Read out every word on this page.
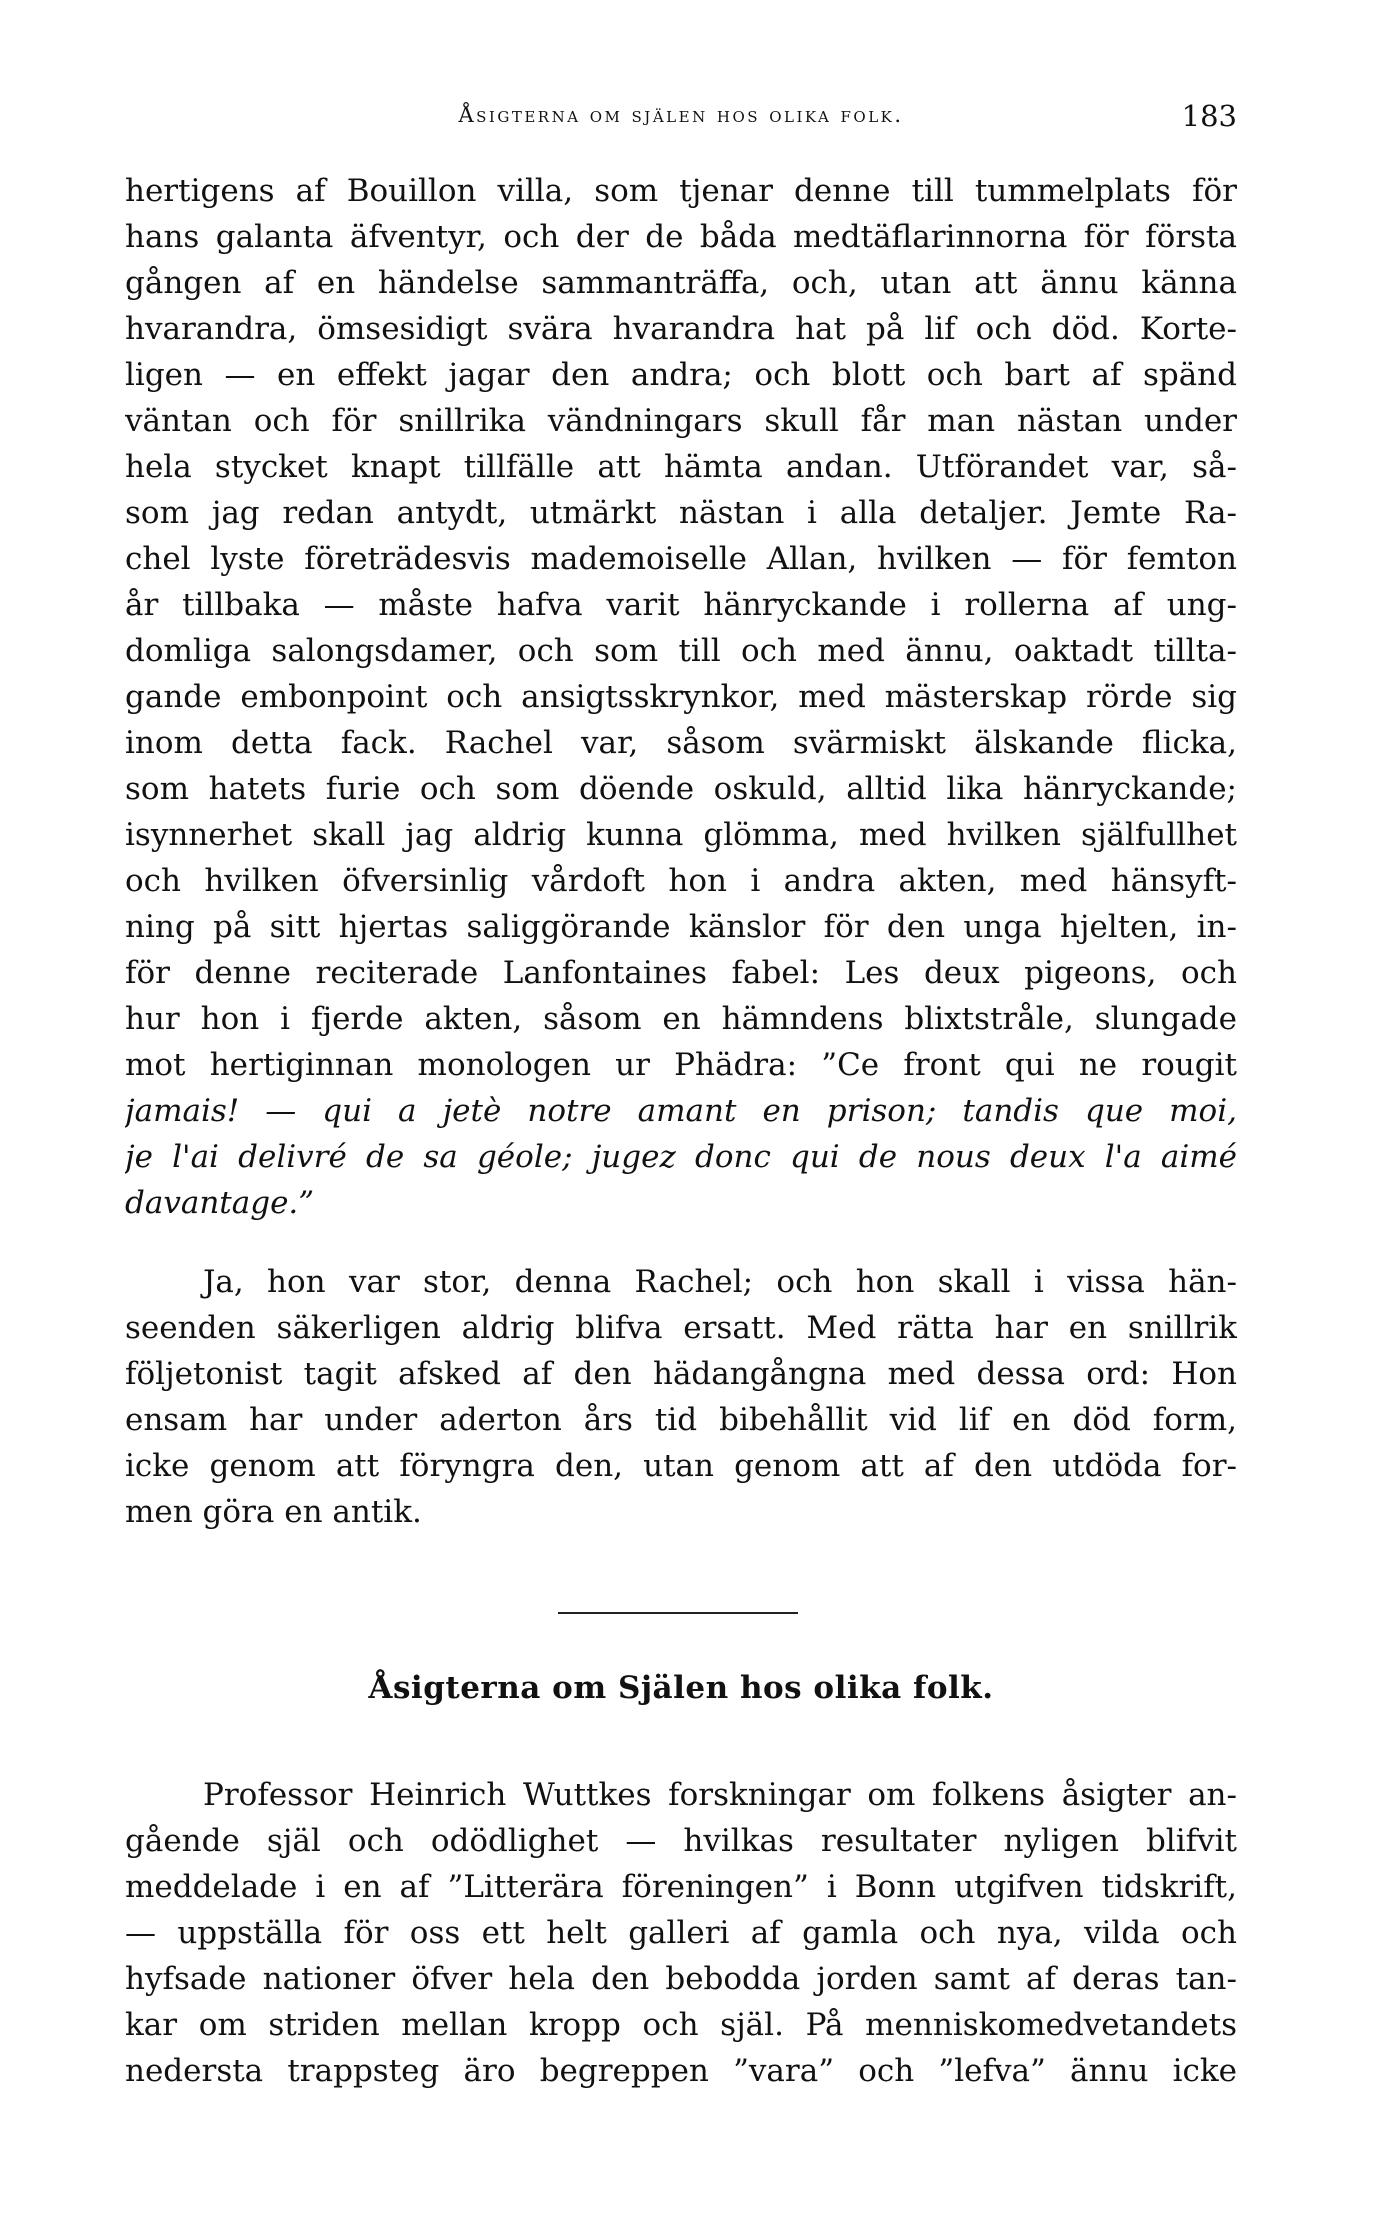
Åsigterna om själen hos olika folk.	183
hertigens af Bouillon villa, som tjenar denne till tummelplats för
hans galanta äfventyr, och der de båda medtäflarinnorna för första
gången af en händelse sammanträffa, och, utan att ännu känna
hvarandra, ömsesidigt svära hvarandra hat på lif och död. Korte-
ligen — en effekt jagar den andra; och blott och bart af spänd
väntan och för snillrika vändningars skull får man nästan under
hela stycket knapt tillfälle att hämta andan. Utförandet var, så-
som jag redan antydt, utmärkt nästan i alla detaljer. Jemte Ra-
chel lyste företrädesvis mademoiselle Allan, hvilken — för femton
år tillbaka — måste hafva varit hänryckande i rollerna af ung-
domliga salongsdamer, och som till och med ännu, oaktadt tillta-
gande embonpoint och ansigtsskrynkor, med mästerskap rörde sig
inom detta fack. Rachel var, såsom svärmiskt älskande flicka,
som hatets furie och som döende oskuld, alltid lika hänryckande;
isynnerhet skall jag aldrig kunna glömma, med hvilken själfullhet
och hvilken öfversinlig vårdoft hon i andra akten, med hänsyft-
ning på sitt hjertas saliggörande känslor för den unga hjelten, in-
för denne reciterade Lanfontaines fabel: Les deux pigeons, och
hur hon i fjerde akten, såsom en hämndens blixtstråle, slungade
mot hertiginnan monologen ur Phädra: ”Ce front qui ne rougit
jamais! — qui a jetè notre amant en prison; tandis que moi,
je l'ai delivré de sa géole; jugez donc qui de nous deux l'a aimé
davantage.”
Ja, hon var stor, denna Rachel; och hon skall i vissa hän-
seenden säkerligen aldrig blifva ersatt. Med rätta har en snillrik
följetonist tagit afsked af den hädangångna med dessa ord: Hon
ensam har under aderton års tid bibehållit vid lif en död form,
icke genom att föryngra den, utan genom att af den utdöda for-
men göra en antik.
Åsigterna om Själen hos olika folk.
Professor Heinrich Wuttkes forskningar om folkens åsigter an-
gående själ och odödlighet — hvilkas resultater nyligen blifvit
meddelade i en af ”Litterära föreningen” i Bonn utgifven tidskrift,
— uppställa för oss ett helt galleri af gamla och nya, vilda och
hyfsade nationer öfver hela den bebodda jorden samt af deras tan-
kar om striden mellan kropp och själ. På menniskomedvetandets
nedersta trappsteg äro begreppen ”vara” och ”lefva” ännu icke
